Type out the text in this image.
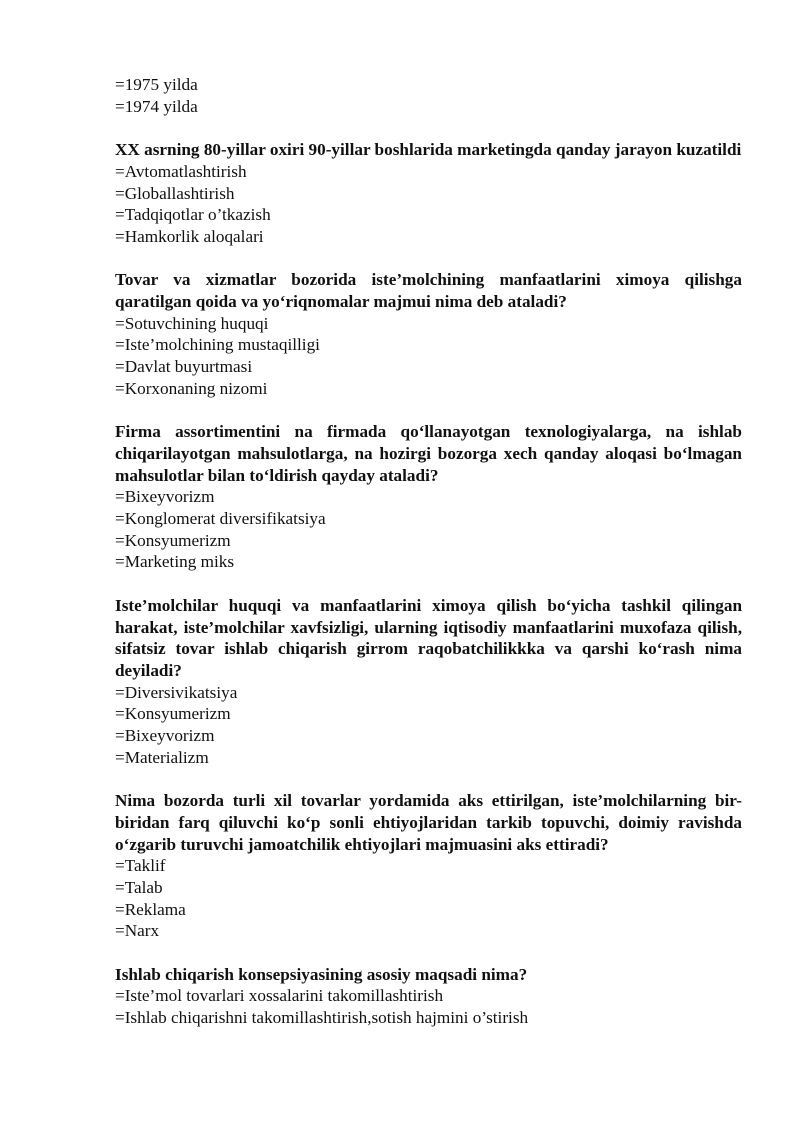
=1975 yilda
=1974 yilda
XX asrning 80-yillar oxiri 90-yillar boshlarida marketingda qanday jarayon kuzatildi
=Avtomatlashtirish
=Globallashtirish
=Tadqiqotlar o’tkazish
=Hamkorlik aloqalari
Tovar va xizmatlar bozorida iste’molchining manfaatlarini ximoya qilishga qaratilgan qoida va yo‘riqnomalar majmui nima deb ataladi?
=Sotuvchining huquqi
=Iste’molchining mustaqilligi
=Davlat buyurtmasi
=Korxonaning nizomi
Firma assortimentini na firmada qo‘llanayotgan texnologiyalarga, na ishlab chiqarilayotgan mahsulotlarga, na hozirgi bozorga xech qanday aloqasi bo‘lmagan mahsulotlar bilan to‘ldirish qayday ataladi?
=Bixeyvorizm
=Konglomerat diversifikatsiya
=Konsyumerizm
=Marketing miks
Iste’molchilar huquqi va manfaatlarini ximoya qilish bo‘yicha tashkil qilingan harakat, iste’molchilar xavfsizligi, ularning iqtisodiy manfaatlarini muxofaza qilish, sifatsiz tovar ishlab chiqarish girrom raqobatchilikkka va qarshi ko‘rash nima deyiladi?
=Diversivikatsiya
=Konsyumerizm
=Bixeyvorizm
=Materializm
Nima bozorda turli xil tovarlar yordamida aks ettirilgan, iste’molchilarning bir-biridan farq qiluvchi ko‘p sonli ehtiyojlaridan tarkib topuvchi, doimiy ravishda o‘zgarib turuvchi jamoatchilik ehtiyojlari majmuasini aks ettiradi?
=Taklif
=Talab
=Reklama
=Narx
Ishlab chiqarish konsepsiyasining asosiy maqsadi nima?
=Iste’mol tovarlari xossalarini takomillashtirish
=Ishlab chiqarishni takomillashtirish,sotish hajmini o’stirish
